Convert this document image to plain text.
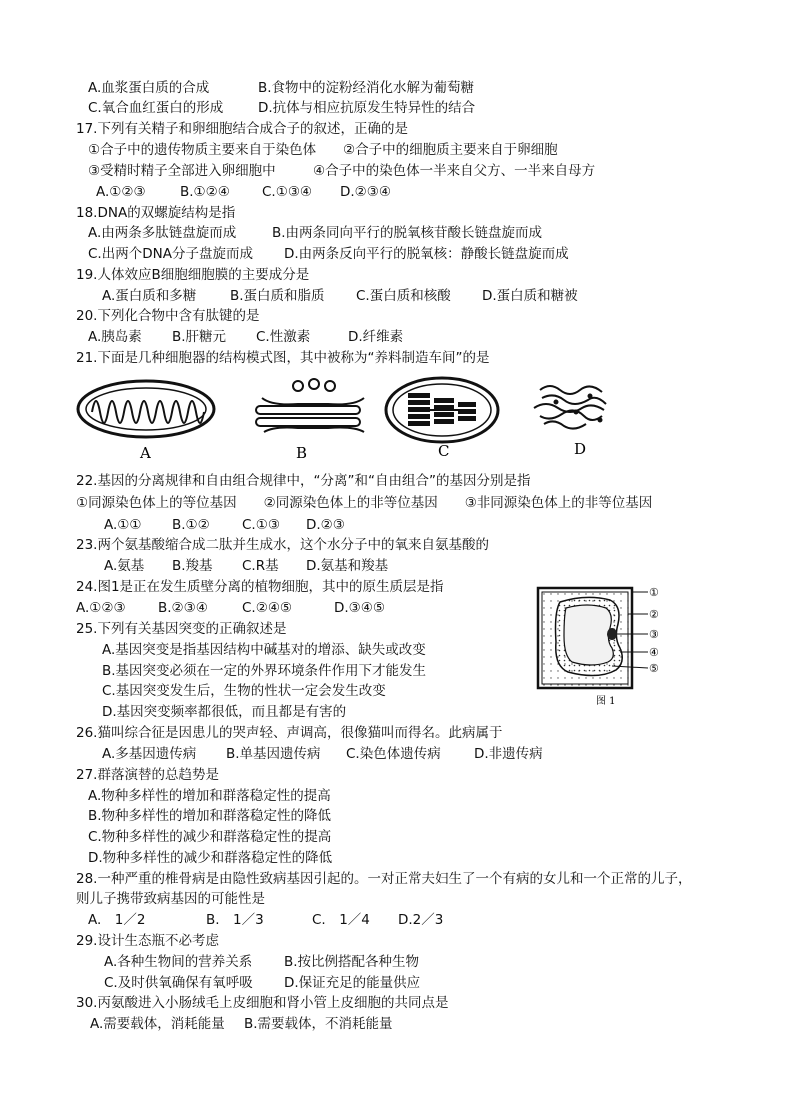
A.血浆蛋白质的合成	B.食物中的淀粉经消化水解为葡萄糖
C.氧合血红蛋白的形成	D.抗体与相应抗原发生特异性的结合
17.下列有关精子和卵细胞结合成合子的叙述，正确的是
①合子中的遗传物质主要来自于染色体 ②合子中的细胞质主要来自于卵细胞
③受精时精子全部进入卵细胞中	④合子中的染色体一半来自父方、一半来自母方
A.①②③	B.①②④ C.①③④ D.②③④
18.DNA的双螺旋结构是指
A.由两条多肽链盘旋而成	B.由两条同向平行的脱氧核苷酸长链盘旋而成
C.出两个DNA分子盘旋而成 D.由两条反向平行的脱氧核：静酸长链盘旋而成
19.人体效应B细胞细胞膜的主要成分是
A.蛋白质和多糖 B.蛋白质和脂质 C.蛋白质和核酸 D.蛋白质和糖被
20.下列化合物中含有肽键的是
A.胰岛素 B.肝糖元 C.性激素	D.纤维素
21.下面是几种细胞器的结构模式图，其中被称为“养料制造车间”的是
A	B	C	D
22.基因的分离规律和自由组合规律中，“分离”和“自由组合”的基因分别是指
①同源染色体上的等位基因　　②同源染色体上的非等位基因　　③非同源染色体上的非等位基因
A.①① B.①② C.①③ D.②③
23.两个氨基酸缩合成二肽并生成水，这个水分子中的氧来自氨基酸的
A.氨基 B.羧基 C.R基 D.氨基和羧基
24.图1是正在发生质壁分离的植物细胞，其中的原生质层是指
A.①②③ B.②③④	C.②④⑤	D.③④⑤
①
②
③
④
⑤
图 1
25.下列有关基因突变的正确叙述是
A.基因突变是指基因结构中碱基对的增添、缺失或改变
B.基因突变必须在一定的外界环境条件作用下才能发生
C.基因突变发生后，生物的性状一定会发生改变
D.基因突变频率都很低，而且都是有害的
26.猫叫综合征是因患儿的哭声轻、声调高，很像猫叫而得名。此病属于
A.多基因遗传病 B.单基因遗传病 C.染色体遗传病 D.非遗传病
27.群落演替的总趋势是
A.物种多样性的增加和群落稳定性的提高
B.物种多样性的增加和群落稳定性的降低
C.物种多样性的减少和群落稳定性的提高
D.物种多样性的减少和群落稳定性的降低
28.一种严重的椎骨病是由隐性致病基因引起的。一对正常夫妇生了一个有病的女儿和一个正常的儿子，
则儿子携带致病基因的可能性是
A.　1／2	B.　1／3	C.　1／4 D.2／3
29.设计生态瓶不必考虑
A.各种生物间的营养关系 B.按比例搭配各种生物
C.及时供氧确保有氧呼吸 D.保证充足的能量供应
30.丙氨酸进入小肠绒毛上皮细胞和肾小管上皮细胞的共同点是
A.需要载体，消耗能量 B.需要载体，不消耗能量
